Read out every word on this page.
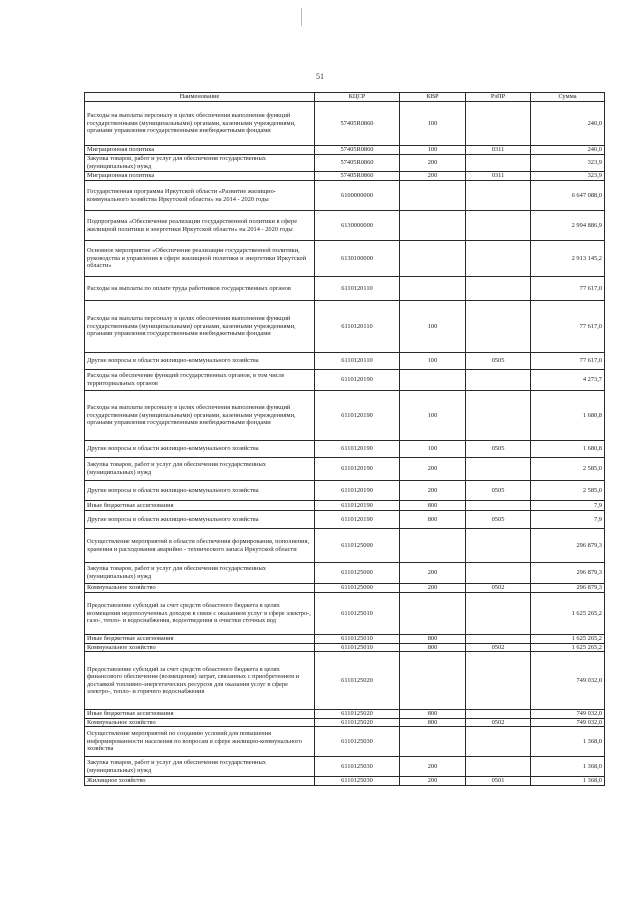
51
Наименование	КЦСР	КВР	РзПР	Сумма
Расходы на выплаты персоналу в целях обеспечения выполнения функций государственными (муниципальными) органами, казенными учреждениями, органами управления государственными внебюджетными фондами	57405R0860	100		240,0
Миграционная политика	57405R0860	100	0311	240,0
Закупка товаров, работ и услуг для обеспечения государственных (муниципальных) нужд	57405R0860	200		323,9
Миграционная политика	57405R0860	200	0311	323,9
Государственная программа Иркутской области «Развитие жилищно-коммунального хозяйства Иркутской области» на 2014 - 2020 годы	6100000000			6 647 088,0
Подпрограмма «Обеспечение реализации государственной политики в сфере жилищной политики и энергетики Иркутской области» на 2014 - 2020 годы	6130000000			2 994 886,9
Основное мероприятие «Обеспечение реализации государственной политики, руководства и управления в сфере жилищной политики и энергетики Иркутской области»	6130100000			2 913 145,2
Расходы на выплаты по оплате труда работников государственных органов	6110120110			77 617,0
Расходы на выплаты персоналу в целях обеспечения выполнения функций государственными (муниципальными) органами, казенными учреждениями, органами управления государственными внебюджетными фондами	6110120110	100		77 617,0
Другие вопросы в области жилищно-коммунального хозяйства	6110120110	100	0505	77 617,0
Расходы на обеспечение функций государственных органов, в том числе территориальных органов	6110120190			4 273,7
Расходы на выплаты персоналу в целях обеспечения выполнения функций государственными (муниципальными) органами, казенными учреждениями, органами управления государственными внебюджетными фондами	6110120190	100		1 680,8
Другие вопросы в области жилищно-коммунального хозяйства	6110120190	100	0505	1 680,8
Закупка товаров, работ и услуг для обеспечения государственных (муниципальных) нужд	6110120190	200		2 585,0
Другие вопросы в области жилищно-коммунального хозяйства	6110120190	200	0505	2 585,0
Иные бюджетные ассигнования	6110120190	800		7,9
Другие вопросы в области жилищно-коммунального хозяйства	6110120190	800	0505	7,9
Осуществление мероприятий в области обеспечения формирования, пополнения, хранения и расходования аварийно - технического запаса Иркутской области	6110125000			296 879,3
Закупка товаров, работ и услуг для обеспечения государственных (муниципальных) нужд	6110125000	200		296 879,3
Коммунальное хозяйство	6110125000	200	0502	296 879,3
Предоставление субсидий за счет средств областного бюджета в целях возмещения недополученных доходов в связи с оказанием услуг в сфере электро-, газо-, тепло- и водоснабжения, водоотведения и очистки сточных вод	6110125010			1 625 265,2
Иные бюджетные ассигнования	6110125010	800		1 625 265,2
Коммунальное хозяйство	6110125010	800	0502	1 625 265,2
Предоставление субсидий за счет средств областного бюджета в целях финансового обеспечения (возмещения) затрат, связанных с приобретением и доставкой топливно-энергетических ресурсов для оказания услуг в сфере электро-, тепло- и горячего водоснабжения	6110125020			749 032,0
Иные бюджетные ассигнования	6110125020	800		749 032,0
Коммунальное хозяйство	6110125020	800	0502	749 032,0
Осуществление мероприятий по созданию условий для повышения информированности населения по вопросам в сфере жилищно-коммунального хозяйства	6110125030			1 368,0
Закупка товаров, работ и услуг для обеспечения государственных (муниципальных) нужд	6110125030	200		1 368,0
Жилищное хозяйство	6110125030	200	0501	1 368,0
